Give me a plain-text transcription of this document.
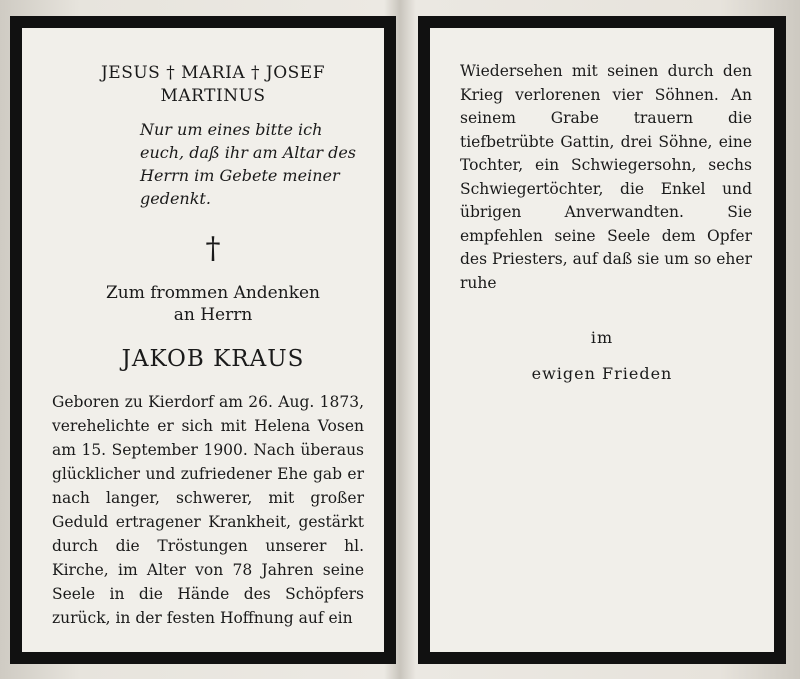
JESUS † MARIA † JOSEF

MARTINUS

Nur um eines bitte ich euch, daß ihr am Altar des Herrn im Gebete meiner gedenkt.

†

Zum frommen Andenken

an Herrn

JAKOB KRAUS

Geboren zu Kierdorf am 26. Aug. 1873, verehelichte er sich mit Helena Vosen am 15. September 1900. Nach überaus glücklicher und zufriedener Ehe gab er nach langer, schwerer, mit großer Geduld ertragener Krankheit, gestärkt durch die Tröstungen unserer hl. Kirche, im Alter von 78 Jahren seine Seele in die Hände des Schöpfers zurück, in der festen Hoffnung auf ein

Wiedersehen mit seinen durch den Krieg verlorenen vier Söhnen. An seinem Grabe trauern die tiefbetrübte Gattin, drei Söhne, eine Tochter, ein Schwiegersohn, sechs Schwiegertöchter, die Enkel und übrigen Anverwandten. Sie empfehlen seine Seele dem Opfer des Priesters, auf daß sie um so eher ruhe

im
ewigen Frieden
